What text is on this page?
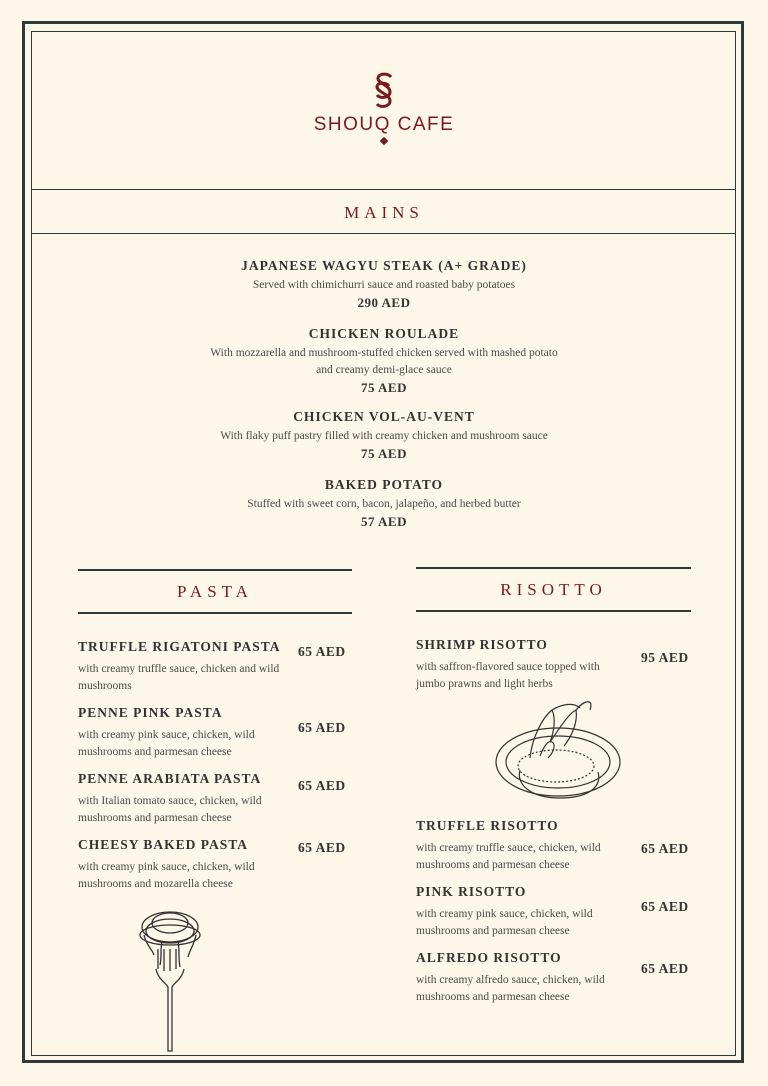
SHOUQ CAFE
MAINS
JAPANESE WAGYU STEAK (A+ GRADE)
Served with chimichurri sauce and roasted baby potatoes
290 AED
CHICKEN ROULADE
With mozzarella and mushroom-stuffed chicken served with mashed potato and creamy demi-glace sauce
75 AED
CHICKEN VOL-AU-VENT
With flaky puff pastry filled with creamy chicken and mushroom sauce
75 AED
BAKED POTATO
Stuffed with sweet corn, bacon, jalapeño, and herbed butter
57 AED
PASTA
TRUFFLE RIGATONI PASTA
with creamy truffle sauce, chicken and wild mushrooms
65 AED
PENNE PINK PASTA
with creamy pink sauce, chicken, wild mushrooms and parmesan cheese
65 AED
PENNE ARABIATA PASTA
with Italian tomato sauce, chicken, wild mushrooms and parmesan cheese
65 AED
CHEESY BAKED PASTA
with creamy pink sauce, chicken, wild mushrooms and mozarella cheese
65 AED
RISOTTO
SHRIMP RISOTTO
with saffron-flavored sauce topped with jumbo prawns and light herbs
95 AED
TRUFFLE RISOTTO
with creamy truffle sauce, chicken, wild mushrooms and parmesan cheese
65 AED
PINK RISOTTO
with creamy pink sauce, chicken, wild mushrooms and parmesan cheese
65 AED
ALFREDO RISOTTO
with creamy alfredo sauce, chicken, wild mushrooms and parmesan cheese
65 AED
